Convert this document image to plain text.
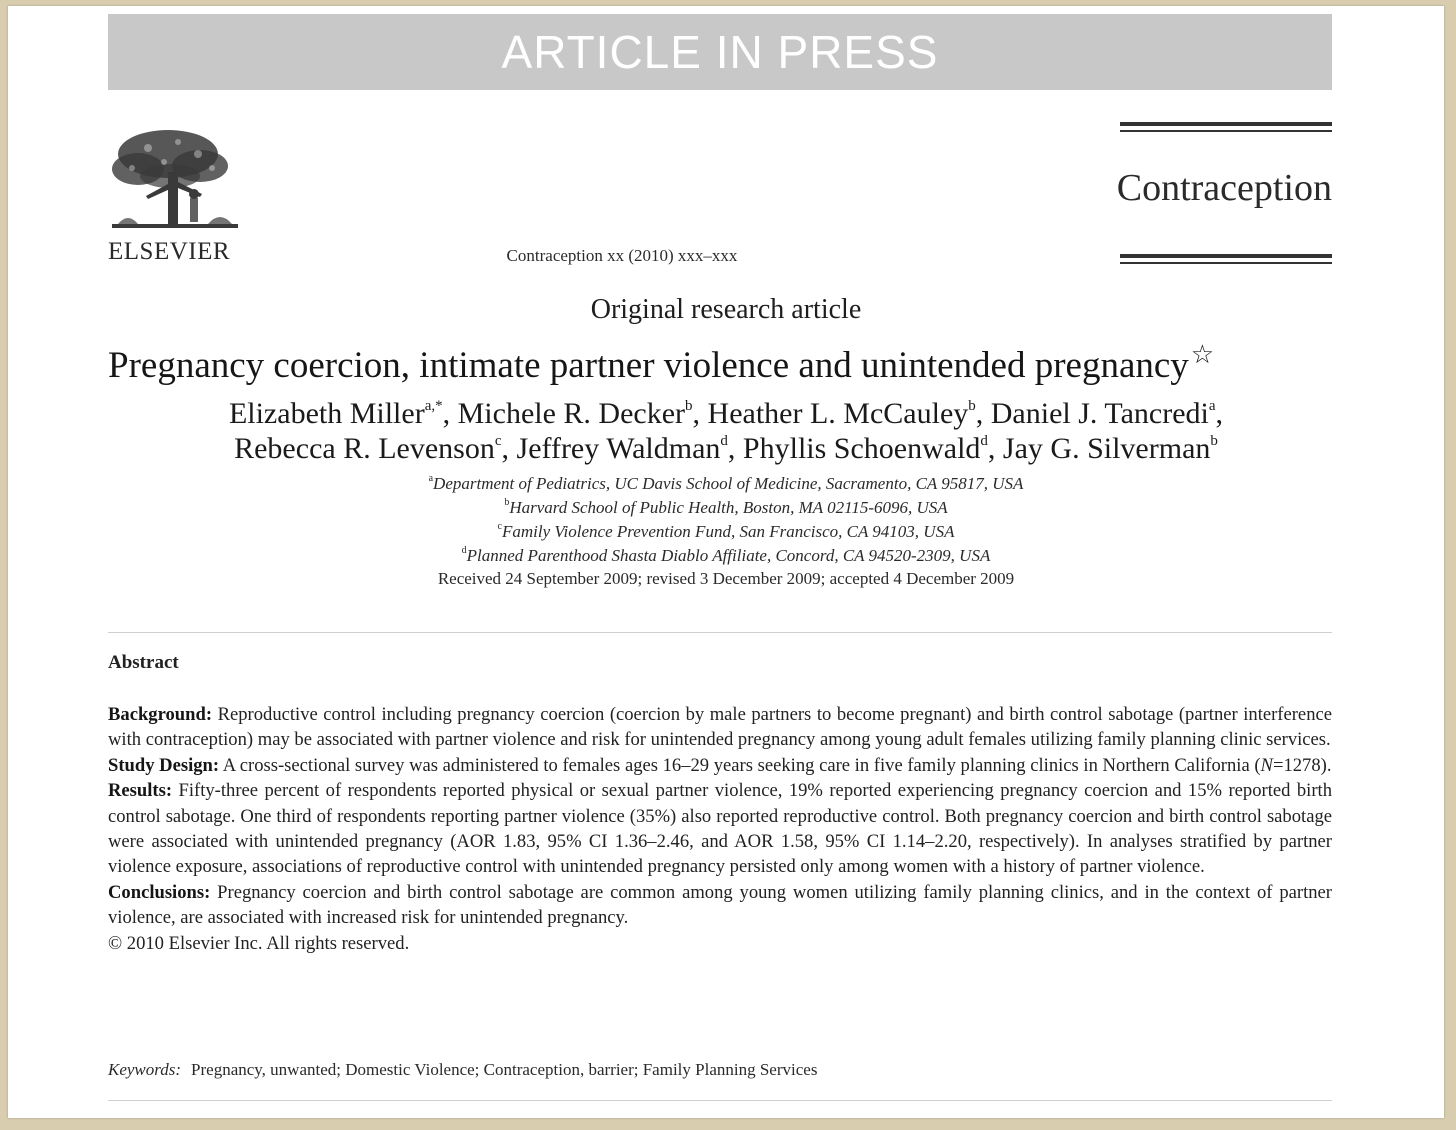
ARTICLE IN PRESS
ELSEVIER
Contraception
Contraception xx (2010) xxx–xxx
Original research article
Pregnancy coercion, intimate partner violence and unintended pregnancy☆
Elizabeth Miller$^{a,*}$, Michele R. Decker$^b$, Heather L. McCauley$^b$, Daniel J. Tancredi$^a$,
Rebecca R. Levenson$^c$, Jeffrey Waldman$^d$, Phyllis Schoenwald$^d$, Jay G. Silverman$^b$
$^a$Department of Pediatrics, UC Davis School of Medicine, Sacramento, CA 95817, USA
$^b$Harvard School of Public Health, Boston, MA 02115-6096, USA
$^c$Family Violence Prevention Fund, San Francisco, CA 94103, USA
$^d$Planned Parenthood Shasta Diablo Affiliate, Concord, CA 94520-2309, USA
Received 24 September 2009; revised 3 December 2009; accepted 4 December 2009
Abstract

Background: Reproductive control including pregnancy coercion (coercion by male partners to become pregnant) and birth control sabotage (partner interference with contraception) may be associated with partner violence and risk for unintended pregnancy among young adult females utilizing family planning clinic services.

Study Design: A cross-sectional survey was administered to females ages 16–29 years seeking care in five family planning clinics in Northern California (N=1278).

Results: Fifty-three percent of respondents reported physical or sexual partner violence, 19% reported experiencing pregnancy coercion and 15% reported birth control sabotage. One third of respondents reporting partner violence (35%) also reported reproductive control. Both pregnancy coercion and birth control sabotage were associated with unintended pregnancy (AOR 1.83, 95% CI 1.36–2.46, and AOR 1.58, 95% CI 1.14–2.20, respectively). In analyses stratified by partner violence exposure, associations of reproductive control with unintended pregnancy persisted only among women with a history of partner violence.

Conclusions: Pregnancy coercion and birth control sabotage are common among young women utilizing family planning clinics, and in the context of partner violence, are associated with increased risk for unintended pregnancy.

© 2010 Elsevier Inc. All rights reserved.

Keywords: Pregnancy, unwanted; Domestic Violence; Contraception, barrier; Family Planning Services
